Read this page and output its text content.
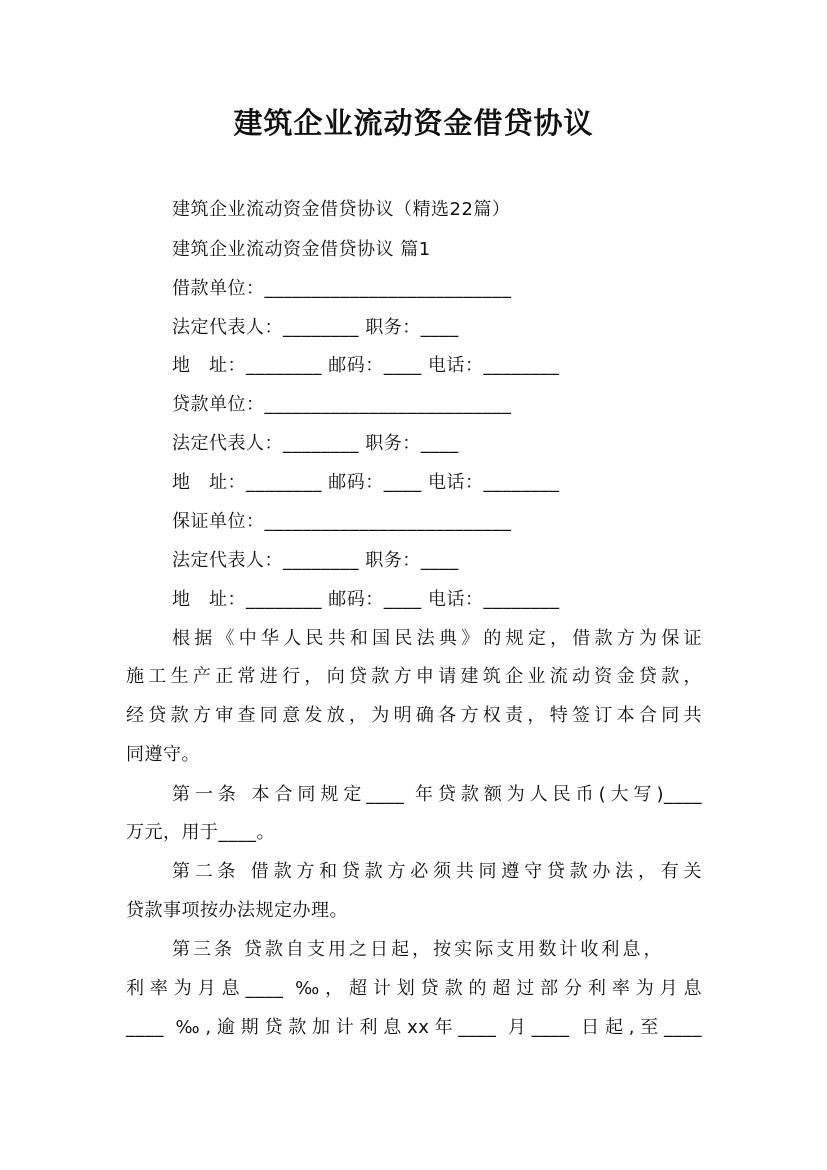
建筑企业流动资金借贷协议
建筑企业流动资金借贷协议（精选22篇）
建筑企业流动资金借贷协议 篇1
借款单位：__________________________
法定代表人：________ 职务：____
地　址：________ 邮码：____ 电话：________
贷款单位：__________________________
法定代表人：________ 职务：____
地　址：________ 邮码：____ 电话：________
保证单位：__________________________
法定代表人：________ 职务：____
地　址：________ 邮码：____ 电话：________
根据《中华人民共和国民法典》的规定，借款方为保证
施工生产正常进行，向贷款方申请建筑企业流动资金贷款，
经贷款方审查同意发放，为明确各方权责，特签订本合同共
同遵守。
第一条 本合同规定____ 年贷款额为人民币(大写)____
万元，用于____。
第二条 借款方和贷款方必须共同遵守贷款办法，有关
贷款事项按办法规定办理。
第三条 贷款自支用之日起，按实际支用数计收利息，
利率为月息____ ‰，超计划贷款的超过部分利率为月息
____ ‰,逾期贷款加计利息xx年____ 月____ 日起,至____
